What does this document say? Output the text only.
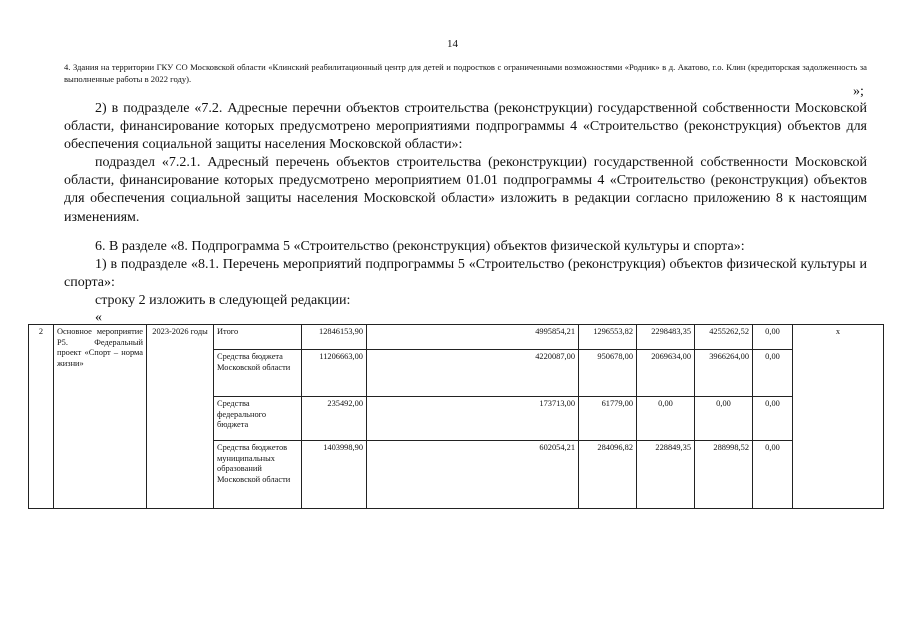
14
4. Здания на территории ГКУ СО Московской области «Клинский реабилитационный центр для детей и подростков с ограниченными возможностями «Родник» в д. Акатово, г.о. Клин (кредиторская задолженность за выполненные работы в 2022 году).
»;
2) в подразделе «7.2. Адресные перечни объектов строительства (реконструкции) государственной собственности Московской области, финансирование которых предусмотрено мероприятиями подпрограммы 4 «Строительство (реконструкция) объектов для обеспечения социальной защиты населения Московской области»:
подраздел «7.2.1. Адресный перечень объектов строительства (реконструкции) государственной собственности Московской области, финансирование которых предусмотрено мероприятием 01.01 подпрограммы 4 «Строительство (реконструкция) объектов для обеспечения социальной защиты населения Московской области» изложить в редакции согласно приложению 8 к настоящим изменениям.
6. В разделе «8. Подпрограмма 5 «Строительство (реконструкция) объектов физической культуры и спорта»:
1) в подразделе «8.1. Перечень мероприятий подпрограммы 5 «Строительство (реконструкция) объектов физической культуры и спорта»:
строку 2 изложить в следующей редакции:
«
2	Основное мероприятие Р5. Федеральный проект «Спорт – норма жизни»	2023-2026 годы	Итого	12846153,90	4995854,21	1296553,82	2298483,35	4255262,52	0,00	х
			Средства бюджета Московской области	11206663,00	4220087,00	950678,00	2069634,00	3966264,00	0,00	
			Средства федерального бюджета	235492,00	173713,00	61779,00	0,00	0,00	0,00	
			Средства бюджетов муниципальных образований Московской области	1403998,90	602054,21	284096,82	228849,35	288998,52	0,00	
